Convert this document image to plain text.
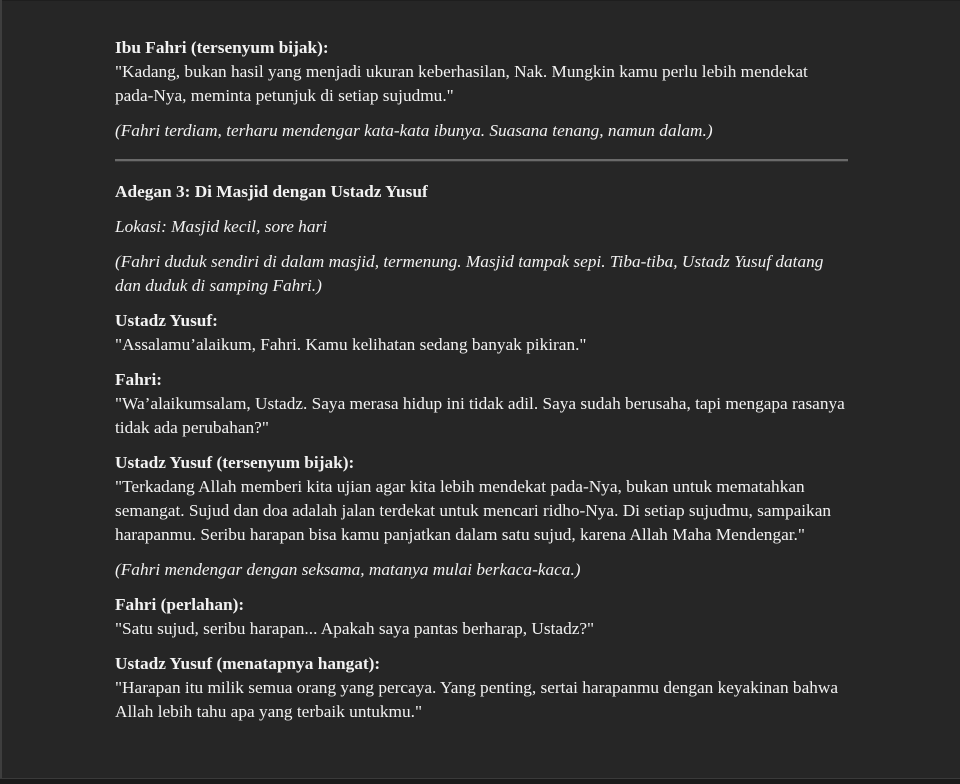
Ibu Fahri (tersenyum bijak):
"Kadang, bukan hasil yang menjadi ukuran keberhasilan, Nak. Mungkin kamu perlu lebih mendekat pada-Nya, meminta petunjuk di setiap sujudmu."
(Fahri terdiam, terharu mendengar kata-kata ibunya. Suasana tenang, namun dalam.)
Adegan 3: Di Masjid dengan Ustadz Yusuf
Lokasi: Masjid kecil, sore hari
(Fahri duduk sendiri di dalam masjid, termenung. Masjid tampak sepi. Tiba-tiba, Ustadz Yusuf datang dan duduk di samping Fahri.)
Ustadz Yusuf:
"Assalamu’alaikum, Fahri. Kamu kelihatan sedang banyak pikiran."
Fahri:
"Wa’alaikumsalam, Ustadz. Saya merasa hidup ini tidak adil. Saya sudah berusaha, tapi mengapa rasanya tidak ada perubahan?"
Ustadz Yusuf (tersenyum bijak):
"Terkadang Allah memberi kita ujian agar kita lebih mendekat pada-Nya, bukan untuk mematahkan semangat. Sujud dan doa adalah jalan terdekat untuk mencari ridho-Nya. Di setiap sujudmu, sampaikan harapanmu. Seribu harapan bisa kamu panjatkan dalam satu sujud, karena Allah Maha Mendengar."
(Fahri mendengar dengan seksama, matanya mulai berkaca-kaca.)
Fahri (perlahan):
"Satu sujud, seribu harapan... Apakah saya pantas berharap, Ustadz?"
Ustadz Yusuf (menatapnya hangat):
"Harapan itu milik semua orang yang percaya. Yang penting, sertai harapanmu dengan keyakinan bahwa Allah lebih tahu apa yang terbaik untukmu."
